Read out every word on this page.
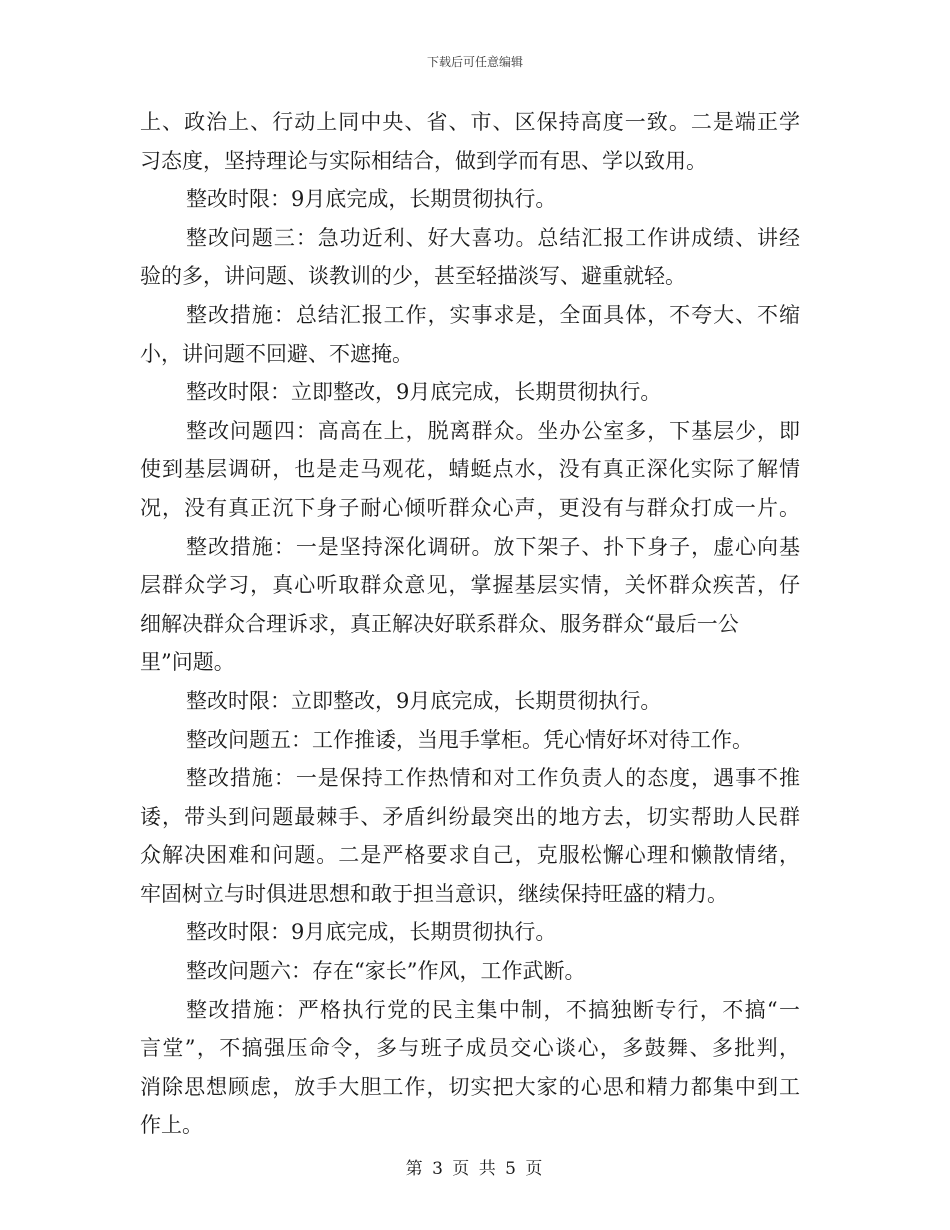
下载后可任意编辑
上、政治上、行动上同中央、省、市、区保持高度一致。二是端正学
习态度，坚持理论与实际相结合，做到学而有思、学以致用。
整改时限：9月底完成，长期贯彻执行。
整改问题三：急功近利、好大喜功。总结汇报工作讲成绩、讲经
验的多，讲问题、谈教训的少，甚至轻描淡写、避重就轻。
整改措施：总结汇报工作，实事求是，全面具体，不夸大、不缩
小，讲问题不回避、不遮掩。
整改时限：立即整改，9月底完成，长期贯彻执行。
整改问题四：高高在上，脱离群众。坐办公室多，下基层少，即
使到基层调研，也是走马观花，蜻蜓点水，没有真正深化实际了解情
况，没有真正沉下身子耐心倾听群众心声，更没有与群众打成一片。
整改措施：一是坚持深化调研。放下架子、扑下身子，虚心向基
层群众学习，真心听取群众意见，掌握基层实情，关怀群众疾苦，仔
细解决群众合理诉求，真正解决好联系群众、服务群众“最后一公
里”问题。
整改时限：立即整改，9月底完成，长期贯彻执行。
整改问题五：工作推诿，当甩手掌柜。凭心情好坏对待工作。
整改措施：一是保持工作热情和对工作负责人的态度，遇事不推
诿，带头到问题最棘手、矛盾纠纷最突出的地方去，切实帮助人民群
众解决困难和问题。二是严格要求自己，克服松懈心理和懒散情绪，
牢固树立与时俱进思想和敢于担当意识，继续保持旺盛的精力。
整改时限：9月底完成，长期贯彻执行。
整改问题六：存在“家长”作风，工作武断。
整改措施：严格执行党的民主集中制，不搞独断专行，不搞“一
言堂”，不搞强压命令，多与班子成员交心谈心，多鼓舞、多批判，
消除思想顾虑，放手大胆工作，切实把大家的心思和精力都集中到工
作上。
第 3 页 共 5 页
